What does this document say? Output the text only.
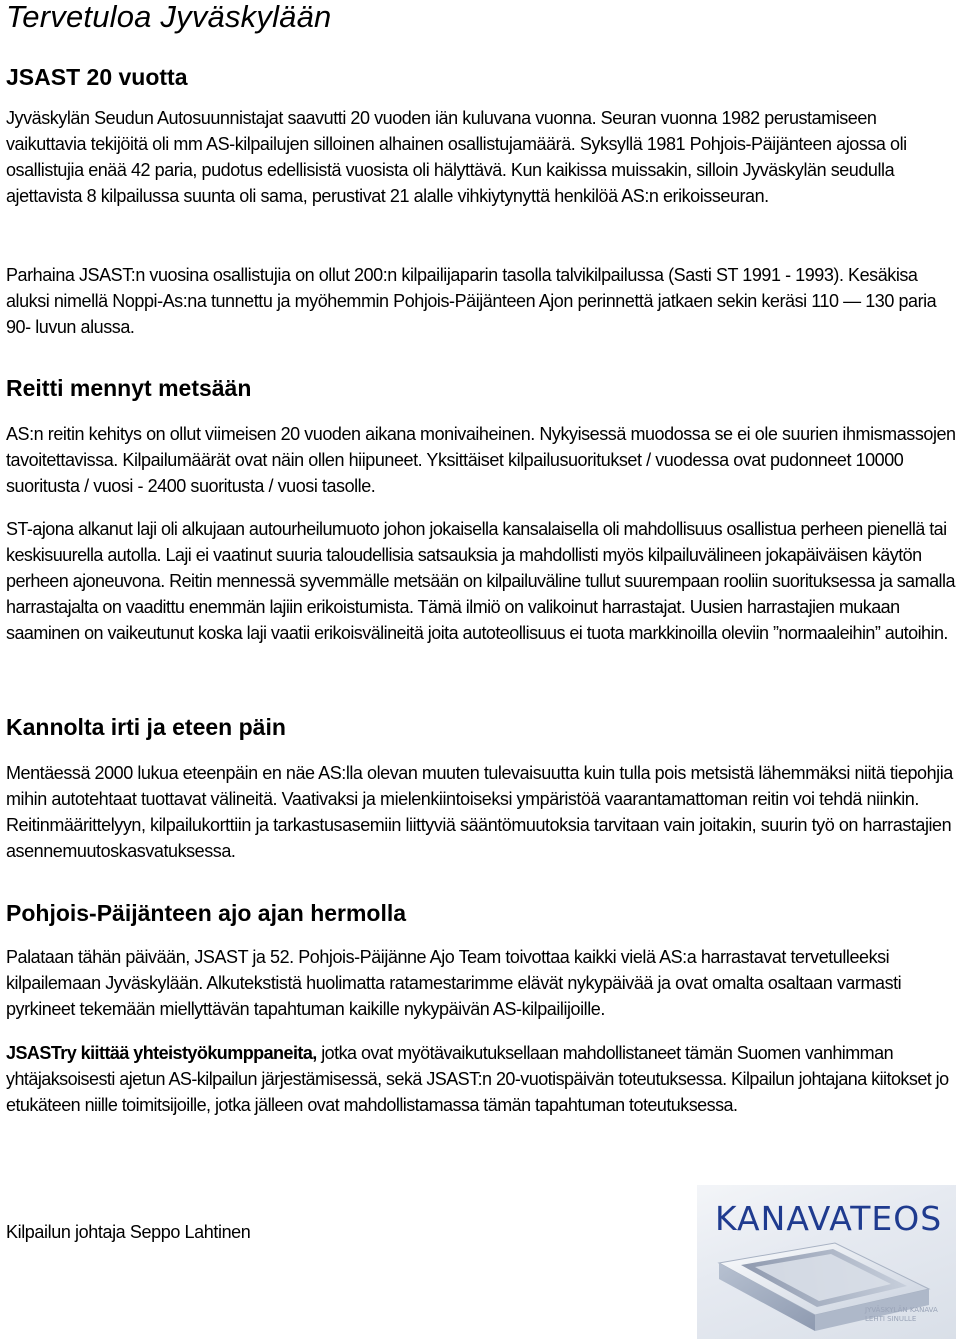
Tervetuloa Jyväskylään
JSAST 20 vuotta

Jyväskylän Seudun Autosuunnistajat saavutti 20 vuoden iän kuluvana vuonna. Seuran vuonna 1982 perustamiseen vaikuttavia tekijöitä oli mm AS-kilpailujen silloinen alhainen osallistujamäärä. Syksyllä 1981 Pohjois-Päijänteen ajossa oli osallistujia enää 42 paria, pudotus edellisistä vuosista oli hälyttävä. Kun kaikissa muissakin, silloin Jyväskylän seudulla ajettavista 8 kilpailussa suunta oli sama, perustivat 21 alalle vihkiytynyttä henkilöä AS:n erikoisseuran.

Parhaina JSAST:n vuosina osallistujia on ollut 200:n kilpailijaparin tasolla talvikilpailussa (Sasti ST 1991 - 1993). Kesäkisa aluksi nimellä Noppi-As:na tunnettu ja myöhemmin Pohjois-Päijänteen Ajon perinnettä jatkaen sekin keräsi 110 — 130 paria 90- luvun alussa.

Reitti mennyt metsään

AS:n reitin kehitys on ollut viimeisen 20 vuoden aikana monivaiheinen. Nykyisessä muodossa se ei ole suurien ihmismassojen tavoitettavissa. Kilpailumäärät ovat näin ollen hiipuneet. Yksittäiset kilpailusuoritukset / vuodessa ovat pudonneet 10000 suoritusta / vuosi - 2400 suoritusta / vuosi tasolle.

ST-ajona alkanut laji oli alkujaan autourheilumuoto johon jokaisella kansalaisella oli mahdollisuus osallistua perheen pienellä tai keskisuurella autolla. Laji ei vaatinut suuria taloudellisia satsauksia ja mahdollisti myös kilpailuvälineen jokapäiväisen käytön perheen ajoneuvona. Reitin mennessä syvemmälle metsään on kilpailuväline tullut suurempaan rooliin suorituksessa ja samalla harrastajalta on vaadittu enemmän lajiin erikoistumista. Tämä ilmiö on valikoinut harrastajat. Uusien harrastajien mukaan saaminen on vaikeutunut koska laji vaatii erikoisvälineitä joita autoteollisuus ei tuota markkinoilla oleviin ”normaaleihin” autoihin.

Kannolta irti ja eteen päin

Mentäessä 2000 lukua eteenpäin en näe AS:lla olevan muuten tulevaisuutta kuin tulla pois metsistä lähemmäksi niitä tiepohjia mihin autotehtaat tuottavat välineitä. Vaativaksi ja mielenkiintoiseksi ympäristöä vaarantamattoman reitin voi tehdä niinkin. Reitinmäärittelyyn, kilpailukorttiin ja tarkastusasemiin liittyviä sääntömuutoksia tarvitaan vain joitakin, suurin työ on harrastajien asennemuutoskasvatuksessa.

Pohjois-Päijänteen ajo ajan hermolla

Palataan tähän päivään, JSAST ja 52. Pohjois-Päijänne Ajo Team toivottaa kaikki vielä AS:a harrastavat tervetulleeksi kilpailemaan Jyväskylään. Alkutekstistä huolimatta ratamestarimme elävät nykypäivää ja ovat omalta osaltaan varmasti pyrkineet tekemään miellyttävän tapahtuman kaikille nykypäivän AS-kilpailijoille.

JSASTry kiittää yhteistyökumppaneita, jotka ovat myötävaikutuksellaan mahdollistaneet tämän Suomen vanhimman yhtäjaksoisesti ajetun AS-kilpailun järjestämisessä, sekä JSAST:n 20-vuotispäivän toteutuksessa. Kilpailun johtajana kiitokset jo etukäteen niille toimitsijoille, jotka jälleen ovat mahdollistamassa tämän tapahtuman toteutuksessa.

Kilpailun johtaja Seppo Lahtinen	KANAVATEOS
JYVÄSKYLÄN KANAVA
LEHTI SINULLE
